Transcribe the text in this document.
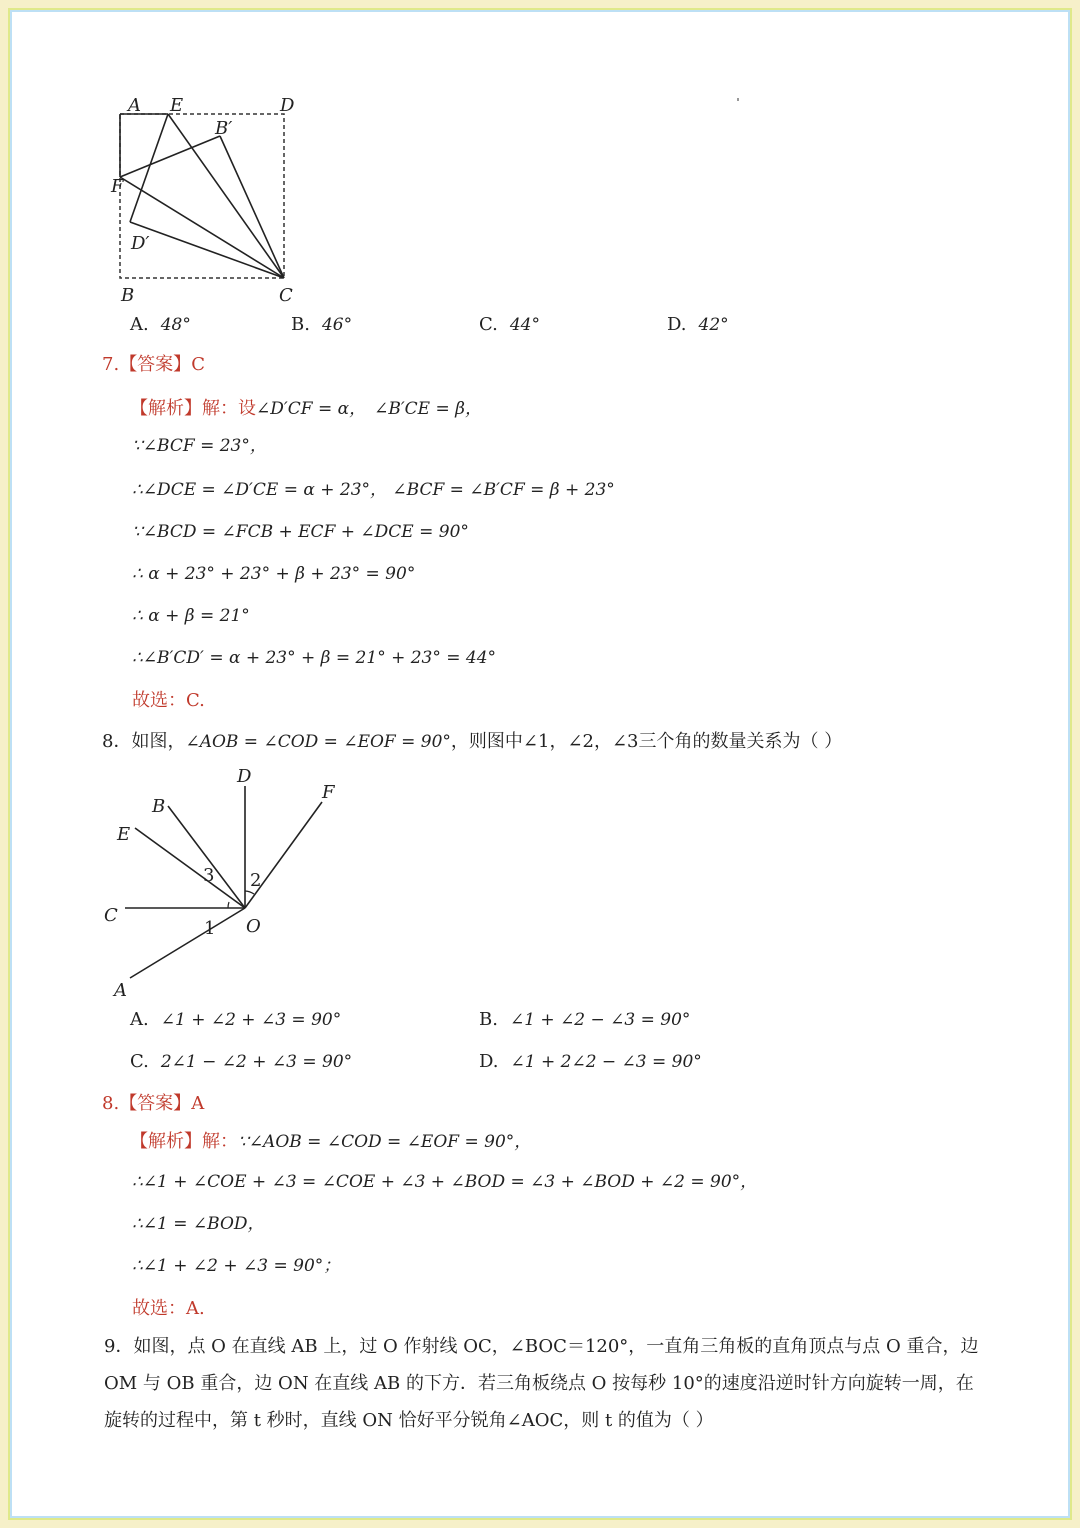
A E	D
B′
F
D′
B	C
A. 48°	B. 46°	C. 44°	D. 42°
7.【答案】C
【解析】解：设∠D′CF = α， ∠B′CE = β，
∵∠BCF = 23°，
∴∠DCE = ∠D′CE = α + 23°， ∠BCF = ∠B′CF = β + 23°
∵∠BCD = ∠FCB + ECF + ∠DCE = 90°
∴ α + 23° + 23° + β + 23° = 90°
∴ α + β = 21°
∴∠B′CD′ = α + 23° + β = 21° + 23° = 44°
故选：C.
8．如图，∠AOB = ∠COD = ∠EOF = 90°，则图中∠1，∠2，∠3三个角的数量关系为（ ）
D
F
B
E
C
O
A
1
2
3
A. ∠1 + ∠2 + ∠3 = 90°	B. ∠1 + ∠2 − ∠3 = 90°
C. 2∠1 − ∠2 + ∠3 = 90°	D. ∠1 + 2∠2 − ∠3 = 90°
8.【答案】A
【解析】解：∵∠AOB = ∠COD = ∠EOF = 90°，
∴∠1 + ∠COE + ∠3 = ∠COE + ∠3 + ∠BOD = ∠3 + ∠BOD + ∠2 = 90°，
∴∠1 = ∠BOD，
∴∠1 + ∠2 + ∠3 = 90°；
故选：A.
9．如图，点 O 在直线 AB 上，过 O 作射线 OC，∠BOC＝120°，一直角三角板的直角顶点与点 O 重合，边 OM 与 OB 重合，边 ON 在直线 AB 的下方．若三角板绕点 O 按每秒 10°的速度沿逆时针方向旋转一周，在旋转的过程中，第 t 秒时，直线 ON 恰好平分锐角∠AOC，则 t 的值为（ ）
